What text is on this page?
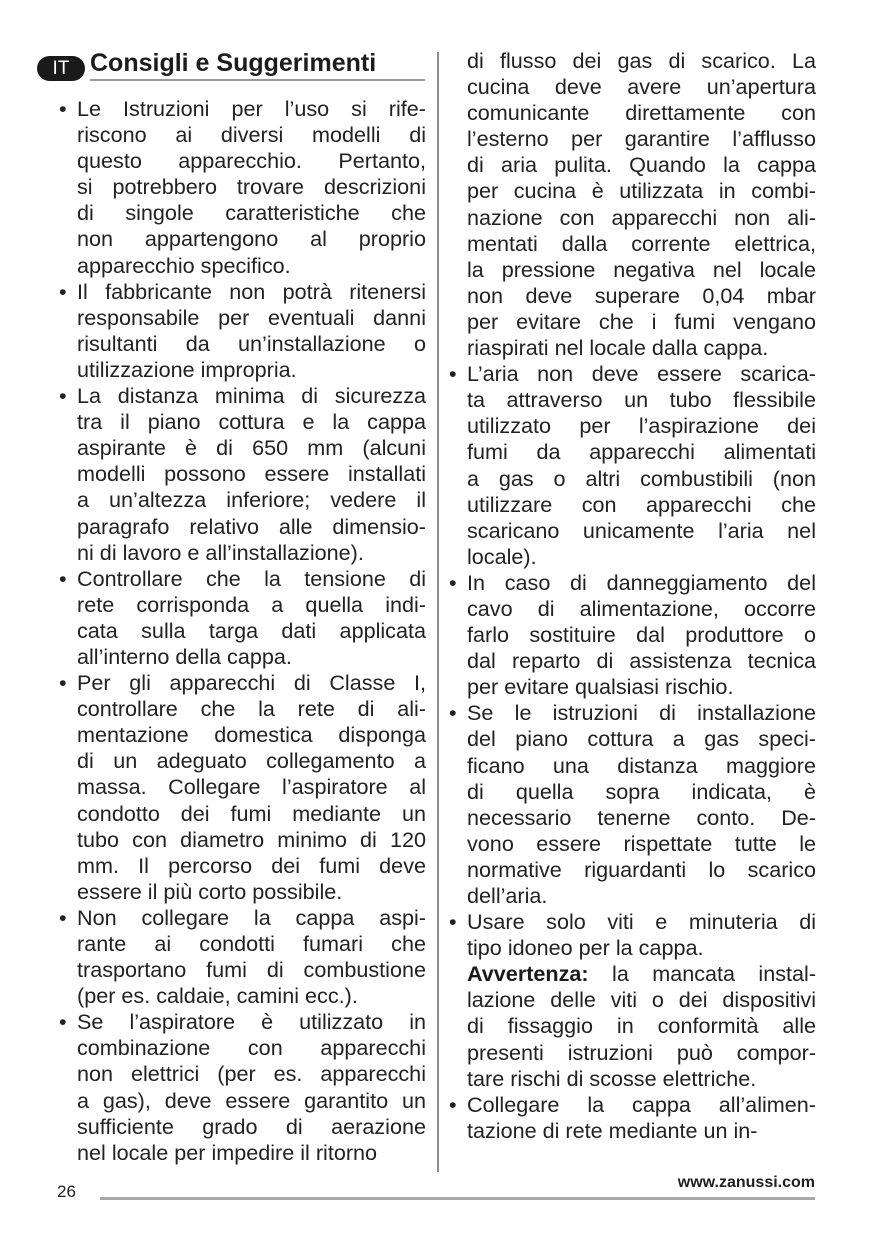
IT Consigli e Suggerimenti
• Le Istruzioni per l’uso si rife-
riscono ai diversi modelli di
questo apparecchio. Pertanto,
si potrebbero trovare descrizioni
di singole caratteristiche che
non appartengono al proprio
apparecchio specifico.
• Il fabbricante non potrà ritenersi
responsabile per eventuali danni
risultanti da un’installazione o
utilizzazione impropria.
• La distanza minima di sicurezza
tra il piano cottura e la cappa
aspirante è di 650 mm (alcuni
modelli possono essere installati
a un’altezza inferiore; vedere il
paragrafo relativo alle dimensio-
ni di lavoro e all’installazione).
• Controllare che la tensione di
rete corrisponda a quella indi-
cata sulla targa dati applicata
all’interno della cappa.
• Per gli apparecchi di Classe I,
controllare che la rete di ali-
mentazione domestica disponga
di un adeguato collegamento a
massa. Collegare l’aspiratore al
condotto dei fumi mediante un
tubo con diametro minimo di 120
mm. Il percorso dei fumi deve
essere il più corto possibile.
• Non collegare la cappa aspi-
rante ai condotti fumari che
trasportano fumi di combustione
(per es. caldaie, camini ecc.).
• Se l’aspiratore è utilizzato in
combinazione con apparecchi
non elettrici (per es. apparecchi
a gas), deve essere garantito un
sufficiente grado di aerazione
nel locale per impedire il ritorno
di flusso dei gas di scarico. La
cucina deve avere un’apertura
comunicante direttamente con
l’esterno per garantire l’afflusso
di aria pulita. Quando la cappa
per cucina è utilizzata in combi-
nazione con apparecchi non ali-
mentati dalla corrente elettrica,
la pressione negativa nel locale
non deve superare 0,04 mbar
per evitare che i fumi vengano
riaspirati nel locale dalla cappa.
• L’aria non deve essere scarica-
ta attraverso un tubo flessibile
utilizzato per l’aspirazione dei
fumi da apparecchi alimentati
a gas o altri combustibili (non
utilizzare con apparecchi che
scaricano unicamente l’aria nel
locale).
• In caso di danneggiamento del
cavo di alimentazione, occorre
farlo sostituire dal produttore o
dal reparto di assistenza tecnica
per evitare qualsiasi rischio.
• Se le istruzioni di installazione
del piano cottura a gas speci-
ficano una distanza maggiore
di quella sopra indicata, è
necessario tenerne conto. De-
vono essere rispettate tutte le
normative riguardanti lo scarico
dell’aria.
• Usare solo viti e minuteria di
tipo idoneo per la cappa.
Avvertenza: la mancata instal-
lazione delle viti o dei dispositivi
di fissaggio in conformità alle
presenti istruzioni può compor-
tare rischi di scosse elettriche.
• Collegare la cappa all’alimen-
tazione di rete mediante un in-
26	www.zanussi.com
